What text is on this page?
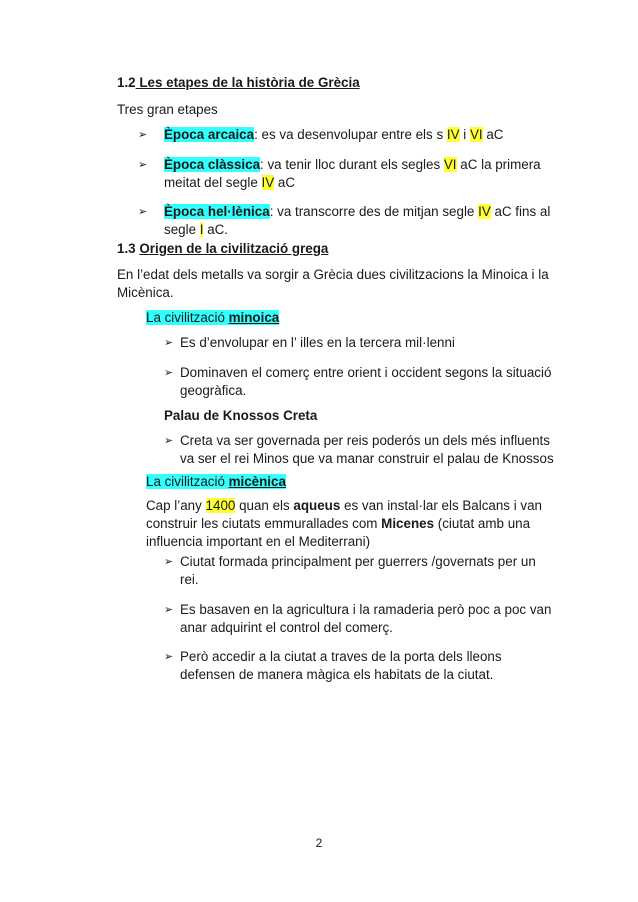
1.2 Les etapes de la història de Grècia
Tres gran etapes
➢ Època arcaica: es va desenvolupar entre els s IV i VI aC
➢ Època clàssica: va tenir lloc durant els segles VI aC la primera
meitat del segle IV aC
➢ Època hel·lènica: va transcorre des de mitjan segle IV aC fins al
segle I aC.
1.3 Origen de la civilització grega
En l’edat dels metalls va sorgir a Grècia dues civilitzacions la Minoica i la
Micènica.
La civilització minoica
➢ Es d’envolupar en l’ illes en la tercera mil·lenni
➢ Dominaven el comerç entre orient i occident segons la situació
geogràfica.
Palau de Knossos Creta
➢ Creta va ser governada per reis poderós un dels més influents
va ser el rei Minos que va manar construir el palau de Knossos
La civilització micènica
Cap l’any 1400 quan els aqueus es van instal·lar els Balcans i van
construir les ciutats emmurallades com Micenes (ciutat amb una
influencia important en el Mediterrani)
➢ Ciutat formada principalment per guerrers /governats per un
rei.
➢ Es basaven en la agricultura i la ramaderia però poc a poc van
anar adquirint el control del comerç.
➢ Però accedir a la ciutat a traves de la porta dels lleons
defensen de manera màgica els habitats de la ciutat.
2
